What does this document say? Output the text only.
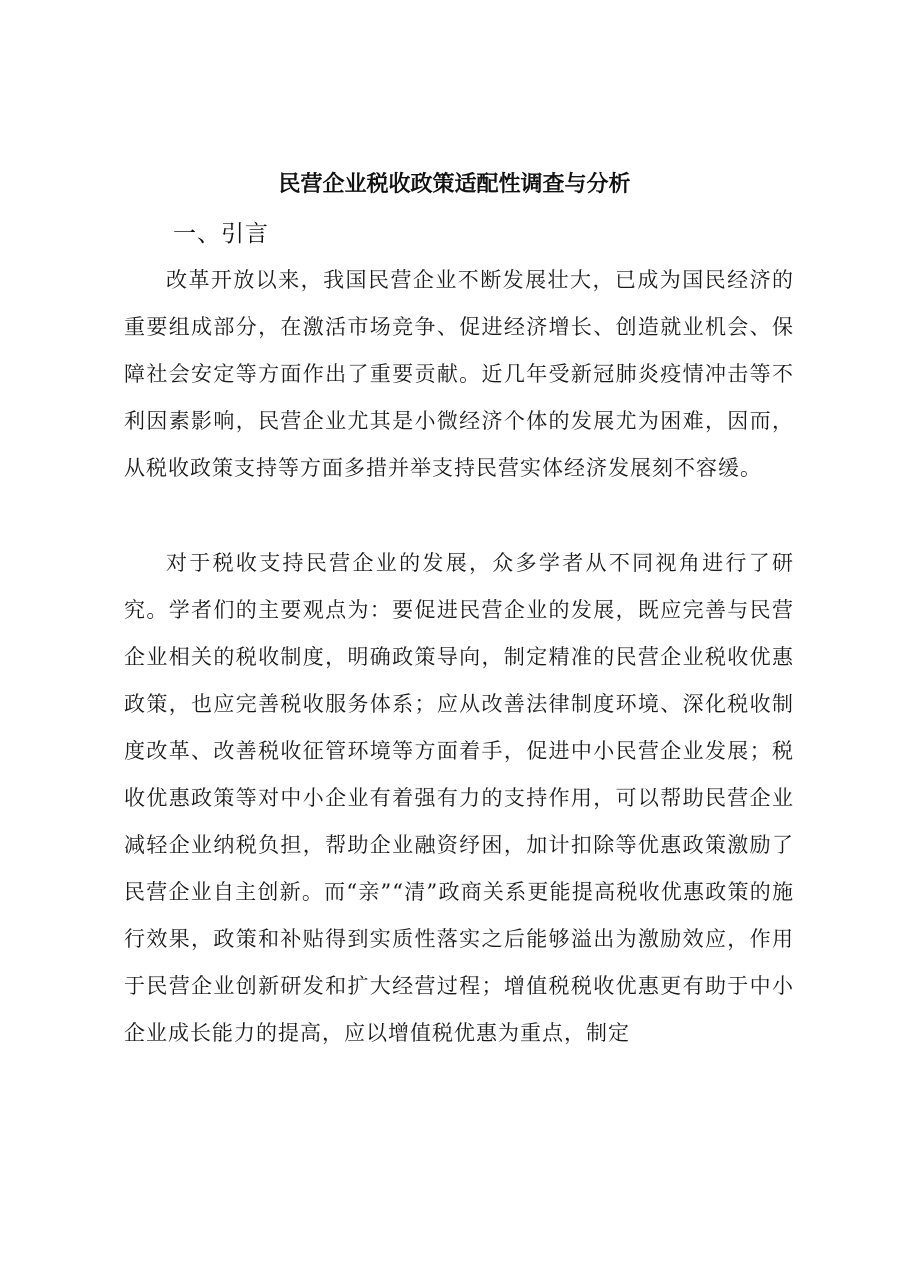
民营企业税收政策适配性调查与分析
一、引言
改革开放以来，我国民营企业不断发展壮大，已成为国民经济的重要组成部分，在激活市场竞争、促进经济增长、创造就业机会、保障社会安定等方面作出了重要贡献。近几年受新冠肺炎疫情冲击等不利因素影响，民营企业尤其是小微经济个体的发展尤为困难，因而，从税收政策支持等方面多措并举支持民营实体经济发展刻不容缓。
对于税收支持民营企业的发展，众多学者从不同视角进行了研究。学者们的主要观点为：要促进民营企业的发展，既应完善与民营企业相关的税收制度，明确政策导向，制定精准的民营企业税收优惠政策，也应完善税收服务体系；应从改善法律制度环境、深化税收制度改革、改善税收征管环境等方面着手，促进中小民营企业发展；税收优惠政策等对中小企业有着强有力的支持作用，可以帮助民营企业减轻企业纳税负担，帮助企业融资纾困，加计扣除等优惠政策激励了民营企业自主创新。而“亲”“清”政商关系更能提高税收优惠政策的施行效果，政策和补贴得到实质性落实之后能够溢出为激励效应，作用于民营企业创新研发和扩大经营过程；增值税税收优惠更有助于中小企业成长能力的提高，应以增值税优惠为重点，制定
